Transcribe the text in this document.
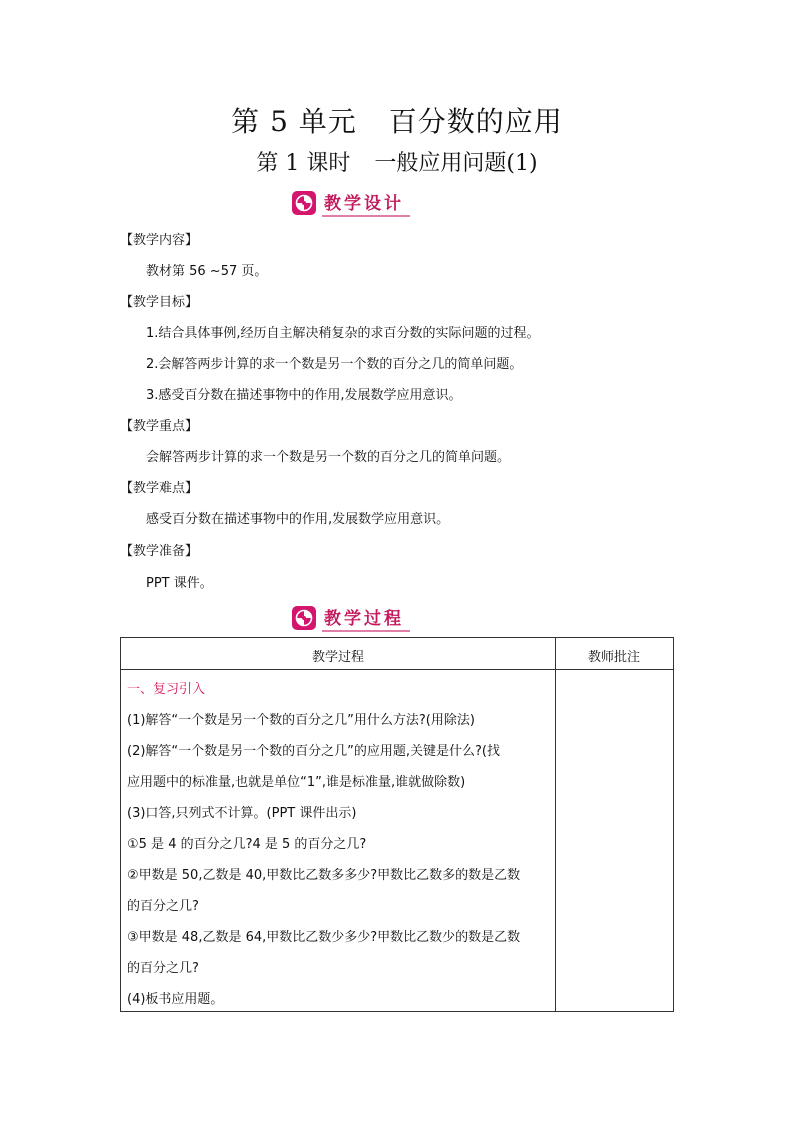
第 5 单元 百分数的应用
第 1 课时 一般应用问题(1)
教学设计
【教学内容】
教材第 56 ~57 页。
【教学目标】
1.结合具体事例,经历自主解决稍复杂的求百分数的实际问题的过程。
2.会解答两步计算的求一个数是另一个数的百分之几的简单问题。
3.感受百分数在描述事物中的作用,发展数学应用意识。
【教学重点】
会解答两步计算的求一个数是另一个数的百分之几的简单问题。
【教学难点】
感受百分数在描述事物中的作用,发展数学应用意识。
【教学准备】
PPT 课件。
教学过程
教学过程	教师批注
一、复习引入
(1)解答“一个数是另一个数的百分之几”用什么方法?(用除法)
(2)解答“一个数是另一个数的百分之几”的应用题,关键是什么?(找
应用题中的标准量,也就是单位“1”,谁是标准量,谁就做除数)
(3)口答,只列式不计算。(PPT 课件出示)
①5 是 4 的百分之几?4 是 5 的百分之几?
②甲数是 50,乙数是 40,甲数比乙数多多少?甲数比乙数多的数是乙数
的百分之几?
③甲数是 48,乙数是 64,甲数比乙数少多少?甲数比乙数少的数是乙数
的百分之几?
(4)板书应用题。
